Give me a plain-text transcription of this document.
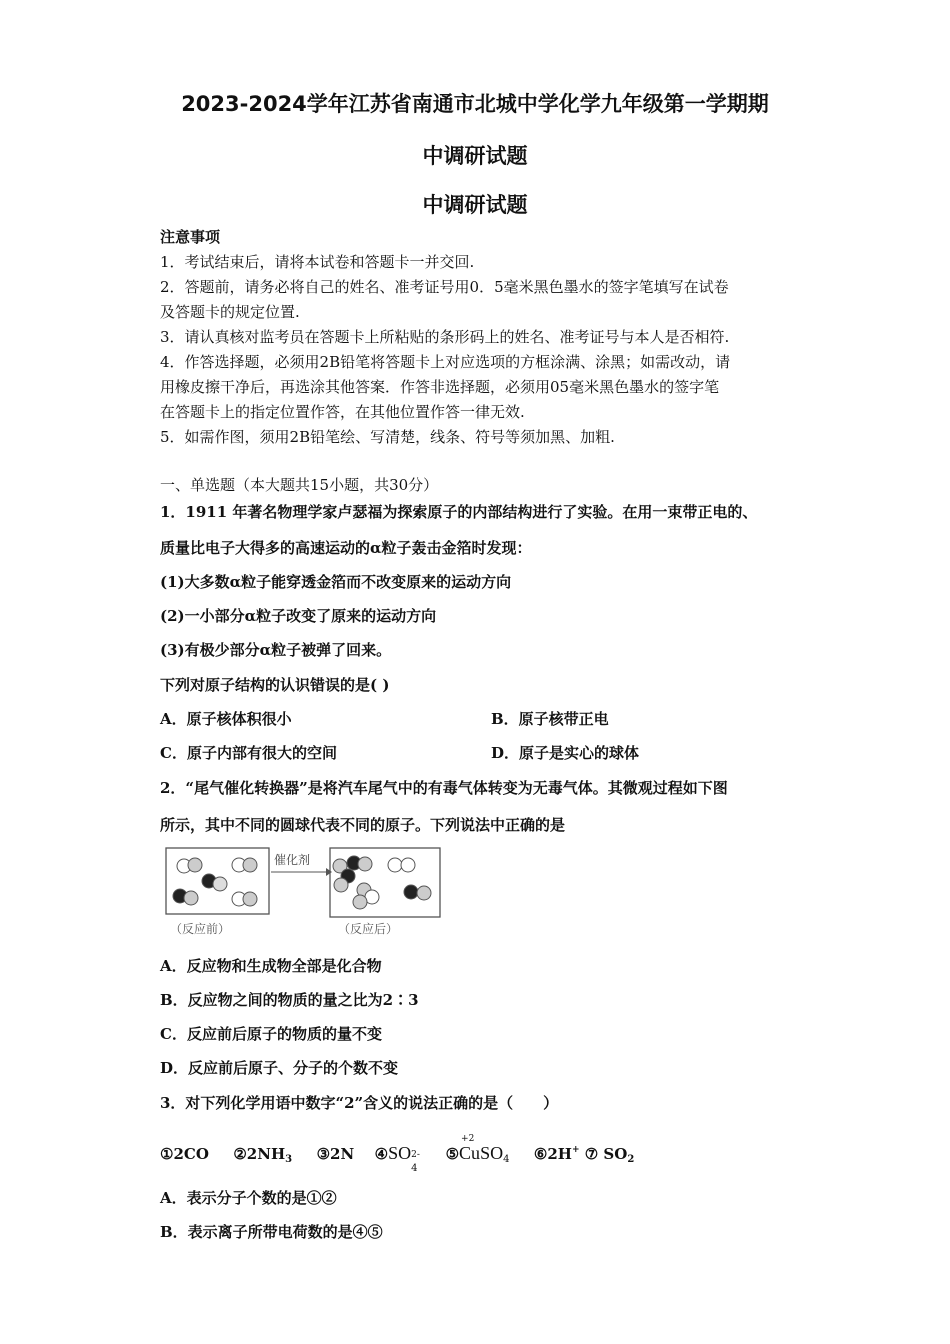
2023-2024学年江苏省南通市北城中学化学九年级第一学期期
中调研试题
中调研试题
注意事项
1．考试结束后，请将本试卷和答题卡一并交回.
2．答题前，请务必将自己的姓名、准考证号用0．5毫米黑色墨水的签字笔填写在试卷
及答题卡的规定位置.
3．请认真核对监考员在答题卡上所粘贴的条形码上的姓名、准考证号与本人是否相符.
4．作答选择题，必须用2B铅笔将答题卡上对应选项的方框涂满、涂黑；如需改动，请
用橡皮擦干净后，再选涂其他答案．作答非选择题，必须用05毫米黑色墨水的签字笔
在答题卡上的指定位置作答，在其他位置作答一律无效.
5．如需作图，须用2B铅笔绘、写清楚，线条、符号等须加黑、加粗.
一、单选题（本大题共15小题，共30分）
1．1911 年著名物理学家卢瑟福为探索原子的内部结构进行了实验。在用一束带正电的、
质量比电子大得多的高速运动的α粒子轰击金箔时发现：
(1)大多数α粒子能穿透金箔而不改变原来的运动方向
(2)一小部分α粒子改变了原来的运动方向
(3)有极少部分α粒子被弹了回来。
下列对原子结构的认识错误的是( )
A．原子核体积很小	B．原子核带正电
C．原子内部有很大的空间	D．原子是实心的球体
2．“尾气催化转换器”是将汽车尾气中的有毒气体转变为无毒气体。其微观过程如下图
所示，其中不同的圆球代表不同的原子。下列说法中正确的是
催化剂
（反应前）	（反应后）
A．反应物和生成物全部是化合物
B．反应物之间的物质的量之比为2∶3
C．反应前后原子的物质的量不变
D．反应前后原子、分子的个数不变
3．对下列化学用语中数字“2”含义的说法正确的是（　　）
①2CO $②2NH_3$ ③2N ④SO 2-
4
⑤
+2
CuSO$_4$ ⑥2H+ ⑦ $SO_2$
A．表示分子个数的是①②
B．表示离子所带电荷数的是④⑤
